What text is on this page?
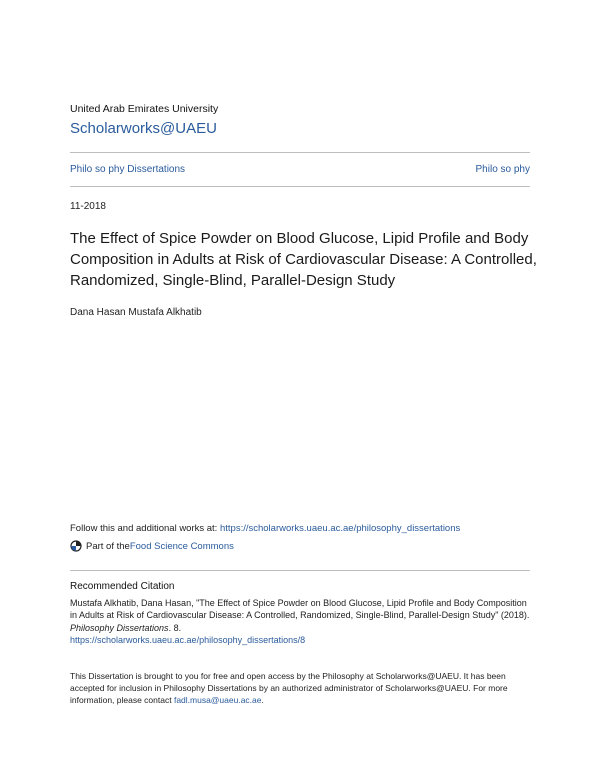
United Arab Emirates University
Scholarworks@UAEU
Philo so phy Dissertations	Philo so phy
11-2018
The Effect of Spice Powder on Blood Glucose, Lipid Profile and Body Composition in Adults at Risk of Cardiovascular Disease: A Controlled, Randomized, Single-Blind, Parallel-Design Study
Dana Hasan Mustafa Alkhatib
Follow this and additional works at: https://scholarworks.uaeu.ac.ae/philosophy_dissertations
Part of the Food Science Commons
Recommended Citation
Mustafa Alkhatib, Dana Hasan, "The Effect of Spice Powder on Blood Glucose, Lipid Profile and Body Composition in Adults at Risk of Cardiovascular Disease: A Controlled, Randomized, Single-Blind, Parallel-Design Study" (2018). Philosophy Dissertations. 8.
https://scholarworks.uaeu.ac.ae/philosophy_dissertations/8
This Dissertation is brought to you for free and open access by the Philosophy at Scholarworks@UAEU. It has been accepted for inclusion in Philosophy Dissertations by an authorized administrator of Scholarworks@UAEU. For more information, please contact fadl.musa@uaeu.ac.ae.
